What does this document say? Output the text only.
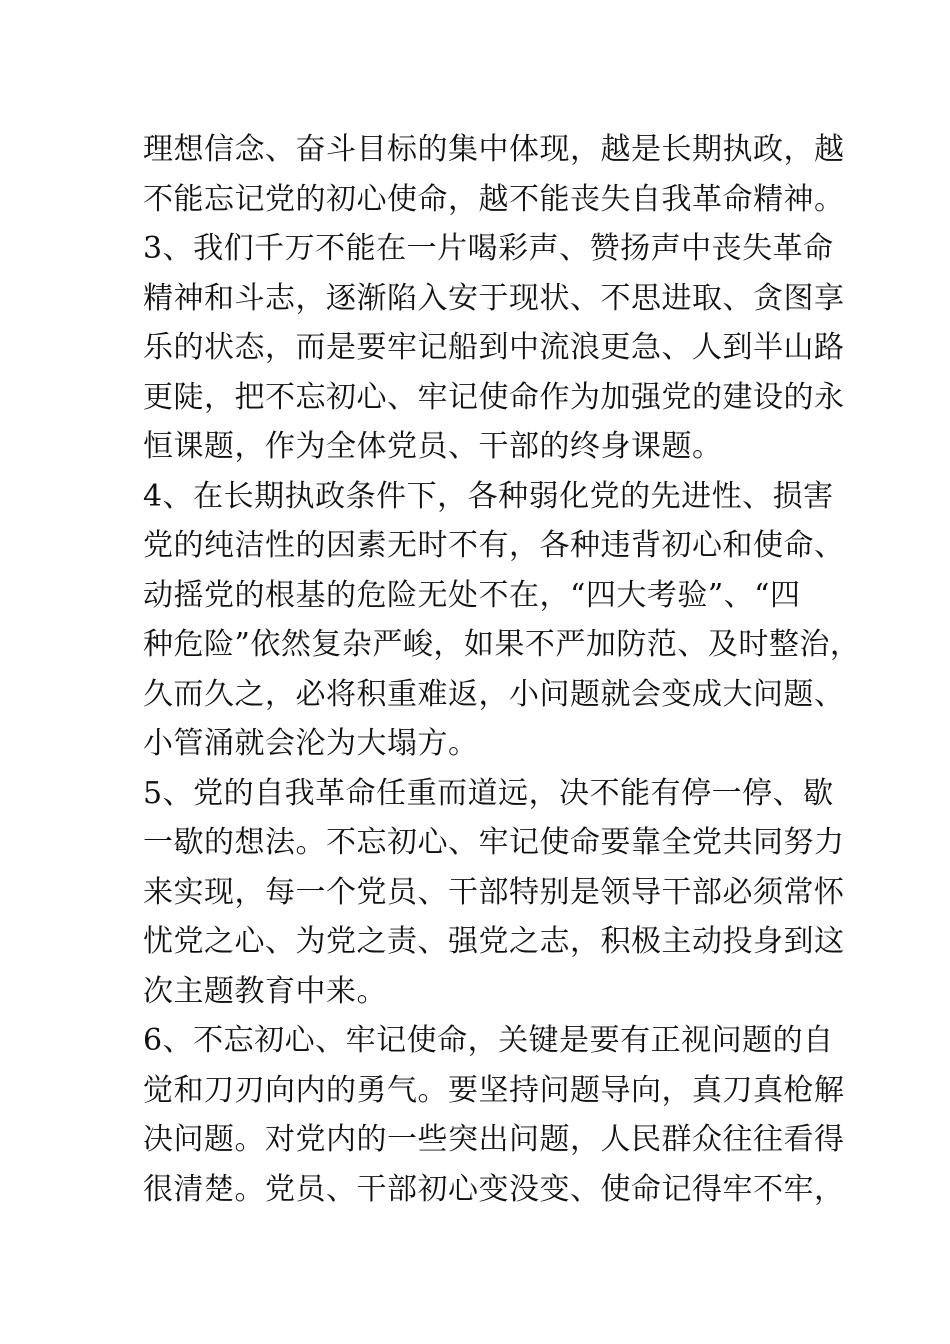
理想信念、奋斗目标的集中体现，越是长期执政，越
不能忘记党的初心使命，越不能丧失自我革命精神。
3、我们千万不能在一片喝彩声、赞扬声中丧失革命
精神和斗志，逐渐陷入安于现状、不思进取、贪图享
乐的状态，而是要牢记船到中流浪更急、人到半山路
更陡，把不忘初心、牢记使命作为加强党的建设的永
恒课题，作为全体党员、干部的终身课题。
4、在长期执政条件下，各种弱化党的先进性、损害
党的纯洁性的因素无时不有，各种违背初心和使命、
动摇党的根基的危险无处不在，“四大考验”、“四
种危险”依然复杂严峻，如果不严加防范、及时整治，
久而久之，必将积重难返，小问题就会变成大问题、
小管涌就会沦为大塌方。
5、党的自我革命任重而道远，决不能有停一停、歇
一歇的想法。不忘初心、牢记使命要靠全党共同努力
来实现，每一个党员、干部特别是领导干部必须常怀
忧党之心、为党之责、强党之志，积极主动投身到这
次主题教育中来。
6、不忘初心、牢记使命，关键是要有正视问题的自
觉和刀刃向内的勇气。要坚持问题导向，真刀真枪解
决问题。对党内的一些突出问题，人民群众往往看得
很清楚。党员、干部初心变没变、使命记得牢不牢，
